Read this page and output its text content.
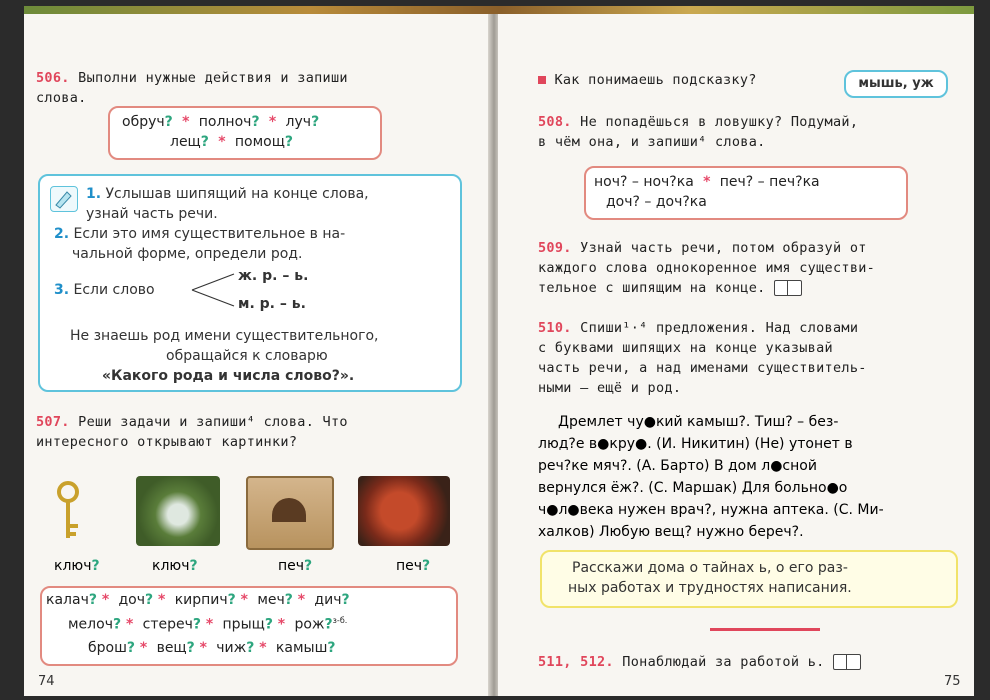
506. Выполни нужные действия и запиши
слова.
обруч?  *  полноч?  *  луч?
лещ?  *  помощ?
1. Услышав шипящий на конце слова,
узнай часть речи.
2. Если это имя существительное в на-
чальной форме, определи род.
3. Если слово
ж. р. – ь.
м. р. – ь.
Не знаешь род имени существительного,
обращайся к словарю
«Какого рода и числа слово?».
507. Реши задачи и запиши⁴ слова. Что
интересного открывают картинки?
ключ?	ключ?	печ?	печ?
калач? *  доч? *  кирпич? *  меч? *  дич?
мелоч? *  стереч? *  прыщ? *  рож?$^{з-б.}$
брош? *  вещ? *  чиж? *  камыш?
74
Как понимаешь подсказку?	мышь, уж
508. Не попадёшься в ловушку? Подумай,
в чём она, и запиши⁴ слова.
ноч? – ноч?ка  *  печ? – печ?ка
доч? – доч?ка
509. Узнай часть речи, потом образуй от
каждого слова однокоренное имя существи-
тельное с шипящим на конце.
510. Спиши¹·⁴ предложения. Над словами
с буквами шипящих на конце указывай
часть речи, а над именами существитель-
ными – ещё и род.
Дремлет чу●кий камыш?. Тиш? – без-
люд?е в●кру●. (И. Никитин) (Не) утонет в
реч?ке мяч?. (А. Барто) В дом л●сной
вернулся ёж?. (С. Маршак) Для больно●о
ч●л●века нужен врач?, нужна аптека. (С. Ми-
халков) Любую вещ? нужно береч?.
Расскажи дома о тайнах ь, о его раз-
ных работах и трудностях написания.
511, 512. Понаблюдай за работой ь.
75
